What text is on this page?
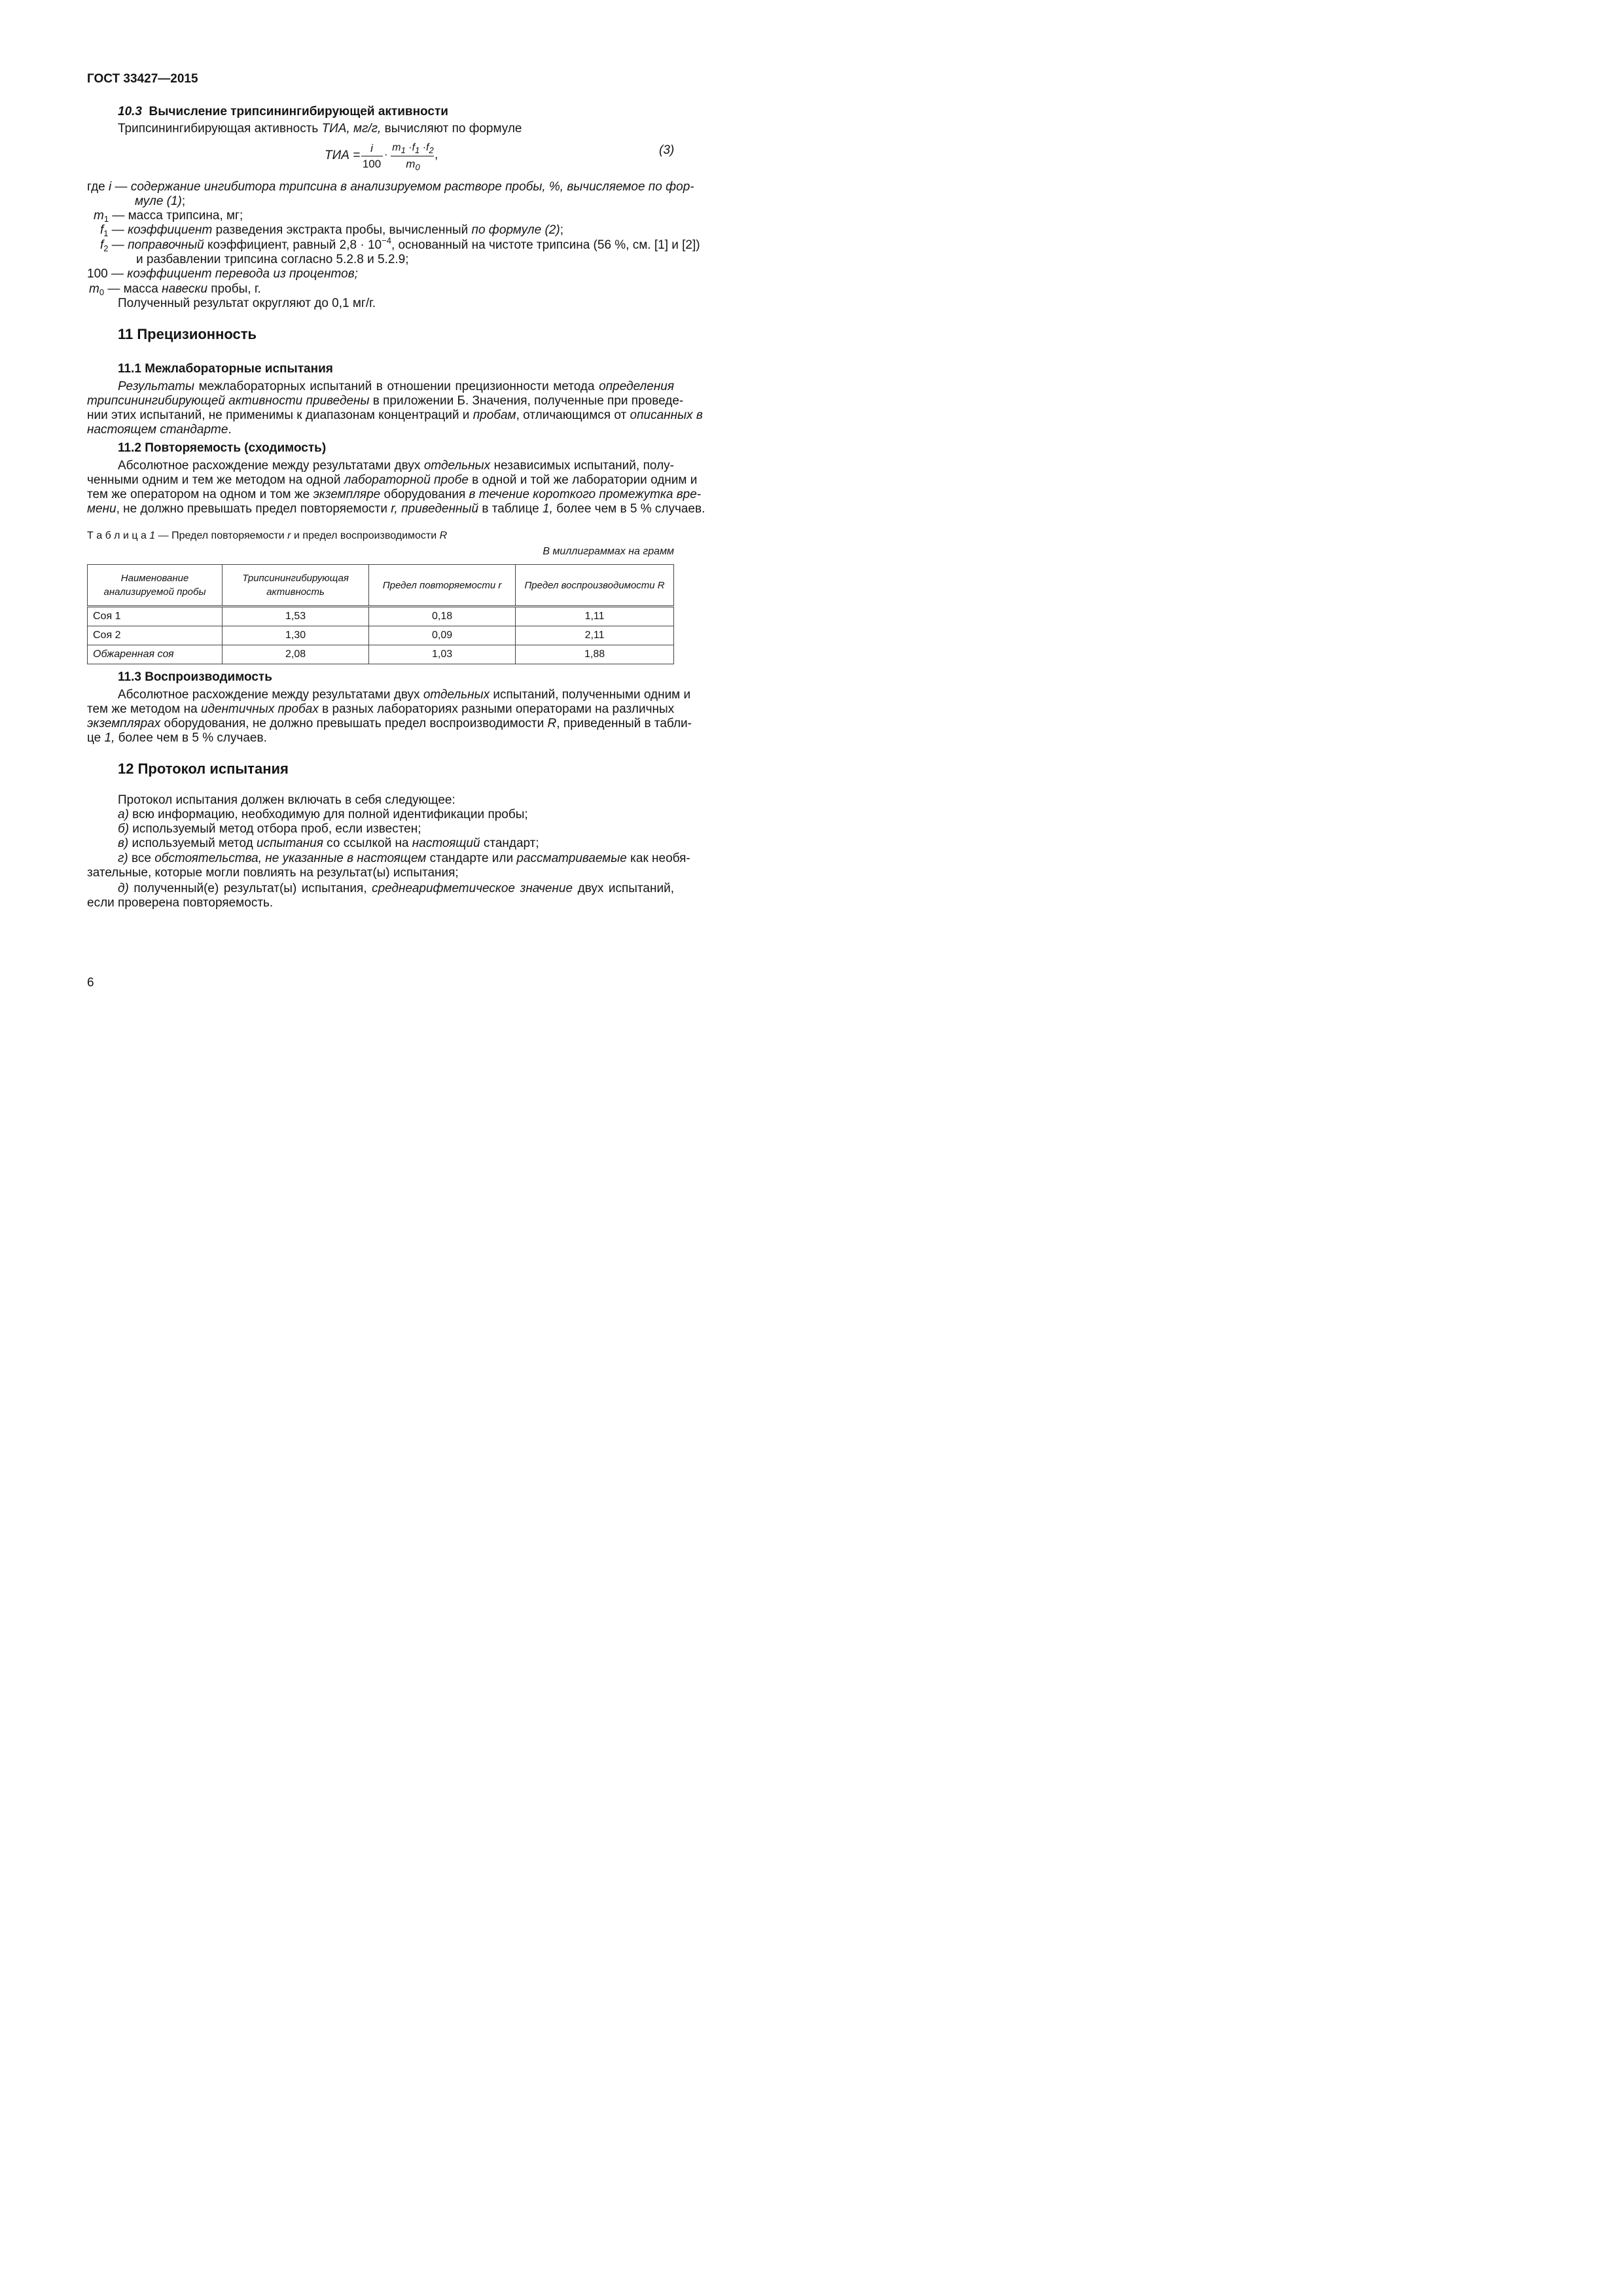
ГОСТ 33427—2015
10.3 Вычисление трипсинингибирующей активности
Трипсинингибирующая активность ТИА, мг/г, вычисляют по формуле
ТИА =
i
100
·
$m_1 \cdot f_1 \cdot f_2$
$m_0$
,	(3)
где i — содержание ингибитора трипсина в анализируемом растворе пробы, %, вычисляемое по фор-
муле (1);
$m_1$ — масса трипсина, мг;
$f_1$ — коэффициент разведения экстракта пробы, вычисленный по формуле (2);
$f_2$ — поправочный коэффициент, равный $2,8 \cdot 10^{-4}$, основанный на чистоте трипсина (56 %, см. [1] и [2])
и разбавлении трипсина согласно 5.2.8 и 5.2.9;
100 — коэффициент перевода из процентов;
$m_0$ — масса навески пробы, г.
Полученный результат округляют до 0,1 мг/г.
11 Прецизионность
11.1 Межлабораторные испытания
Результаты межлабораторных испытаний в отношении прецизионности метода определения
трипсинингибирующей активности приведены в приложении Б. Значения, полученные при проведе-
нии этих испытаний, не применимы к диапазонам концентраций и пробам, отличающимся от описанных в
настоящем стандарте.
11.2 Повторяемость (сходимость)
Абсолютное расхождение между результатами двух отдельных независимых испытаний, полу-
ченными одним и тем же методом на одной лабораторной пробе в одной и той же лаборатории одним и
тем же оператором на одном и том же экземпляре оборудования в течение короткого промежутка вре-
мени, не должно превышать предел повторяемости r, приведенный в таблице 1, более чем в 5 % случаев.
Т а б л и ц а 1 — Предел повторяемости r и предел воспроизводимости R
В миллиграммах на грамм
Наименование анализируемой пробы	Трипсинингибирующая активность	Предел повторяемости r	Предел воспроизводимости R
Соя 1	1,53	0,18	1,11
Соя 2	1,30	0,09	2,11
Обжаренная соя	2,08	1,03	1,88
11.3 Воспроизводимость
Абсолютное расхождение между результатами двух отдельных испытаний, полученными одним и
тем же методом на идентичных пробах в разных лабораториях разными операторами на различных
экземплярах оборудования, не должно превышать предел воспроизводимости R, приведенный в табли-
це 1, более чем в 5 % случаев.
12 Протокол испытания
Протокол испытания должен включать в себя следующее:
а) всю информацию, необходимую для полной идентификации пробы;
б) используемый метод отбора проб, если известен;
в) используемый метод испытания со ссылкой на настоящий стандарт;
г) все обстоятельства, не указанные в настоящем стандарте или рассматриваемые как необя-
зательные, которые могли повлиять на результат(ы) испытания;
д) полученный(е) результат(ы) испытания, среднеарифметическое значение двух испытаний,
если проверена повторяемость.
6
